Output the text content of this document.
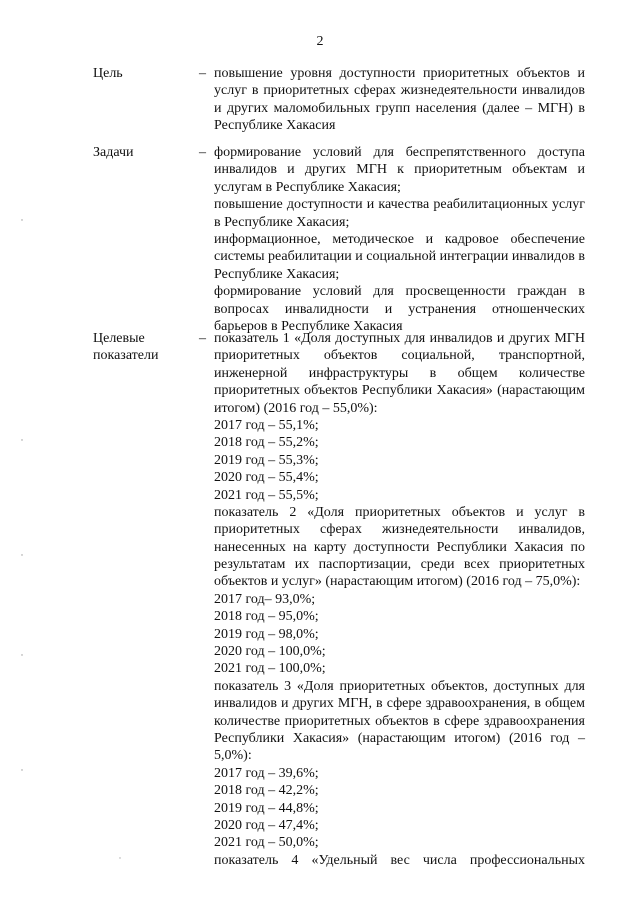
2
Цель	– повышение уровня доступности приоритетных объектов и
услуг в приоритетных сферах жизнедеятельности инвалидов
и других маломобильных групп населения (далее – МГН) в
Республике Хакасия
Задачи	– формирование условий для беспрепятственного доступа
инвалидов и других МГН к приоритетным объектам и
услугам в Республике Хакасия;
повышение доступности и качества реабилитационных услуг
в Республике Хакасия;
информационное, методическое и кадровое обеспечение
системы реабилитации и социальной интеграции инвалидов в
Республике Хакасия;
формирование условий для просвещенности граждан в
вопросах инвалидности и устранения отношенческих
барьеров в Республике Хакасия
Целевые
показатели
– показатель 1 «Доля доступных для инвалидов и других МГН
приоритетных объектов социальной, транспортной,
инженерной инфраструктуры в общем количестве
приоритетных объектов Республики Хакасия» (нарастающим
итогом) (2016 год – 55,0%):
2017 год – 55,1%;
2018 год – 55,2%;
2019 год – 55,3%;
2020 год – 55,4%;
2021 год – 55,5%;
показатель 2 «Доля приоритетных объектов и услуг в
приоритетных сферах жизнедеятельности инвалидов,
нанесенных на карту доступности Республики Хакасия по
результатам их паспортизации, среди всех приоритетных
объектов и услуг» (нарастающим итогом) (2016 год – 75,0%):
2017 год– 93,0%;
2018 год – 95,0%;
2019 год – 98,0%;
2020 год – 100,0%;
2021 год – 100,0%;
показатель 3 «Доля приоритетных объектов, доступных для
инвалидов и других МГН, в сфере здравоохранения, в общем
количестве приоритетных объектов в сфере здравоохранения
Республики Хакасия» (нарастающим итогом) (2016 год –
5,0%):
2017 год – 39,6%;
2018 год – 42,2%;
2019 год – 44,8%;
2020 год – 47,4%;
2021 год – 50,0%;
показатель 4 «Удельный вес числа профессиональных
